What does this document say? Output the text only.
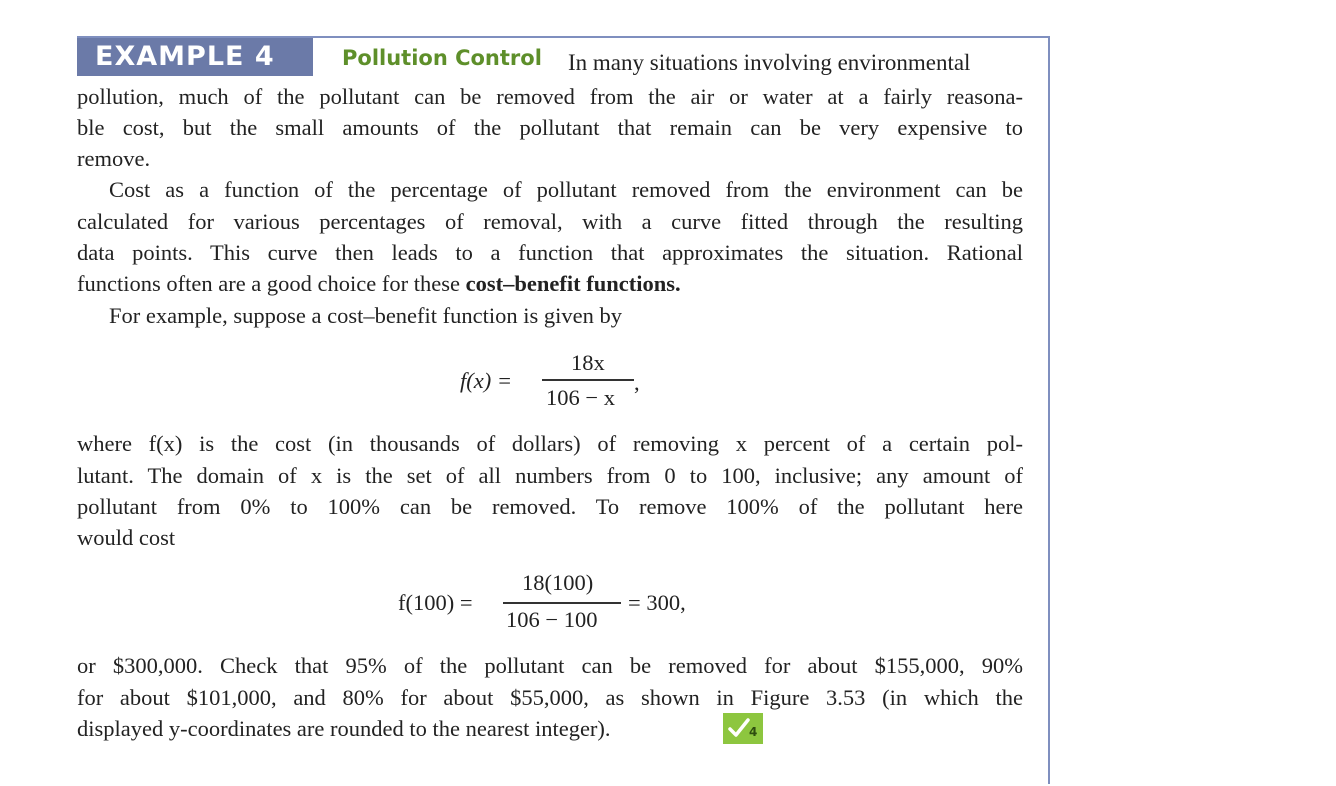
EXAMPLE 4	Pollution Control In many situations involving environmental
pollution, much of the pollutant can be removed from the air or water at a fairly reasona-
ble cost, but the small amounts of the pollutant that remain can be very expensive to
remove.
Cost as a function of the percentage of pollutant removed from the environment can be
calculated for various percentages of removal, with a curve fitted through the resulting
data points. This curve then leads to a function that approximates the situation. Rational
functions often are a good choice for these cost–benefit functions.
For example, suppose a cost–benefit function is given by
f(x) =
18x
106 − x
,
where f(x) is the cost (in thousands of dollars) of removing x percent of a certain pol-
lutant. The domain of x is the set of all numbers from 0 to 100, inclusive; any amount of
pollutant from 0% to 100% can be removed. To remove 100% of the pollutant here
would cost
f(100) =
18(100)
106 − 100
= 300,
or $300,000. Check that 95% of the pollutant can be removed for about $155,000, 90%
for about $101,000, and 80% for about $55,000, as shown in Figure 3.53 (in which the
displayed y-coordinates are rounded to the nearest integer).	4
